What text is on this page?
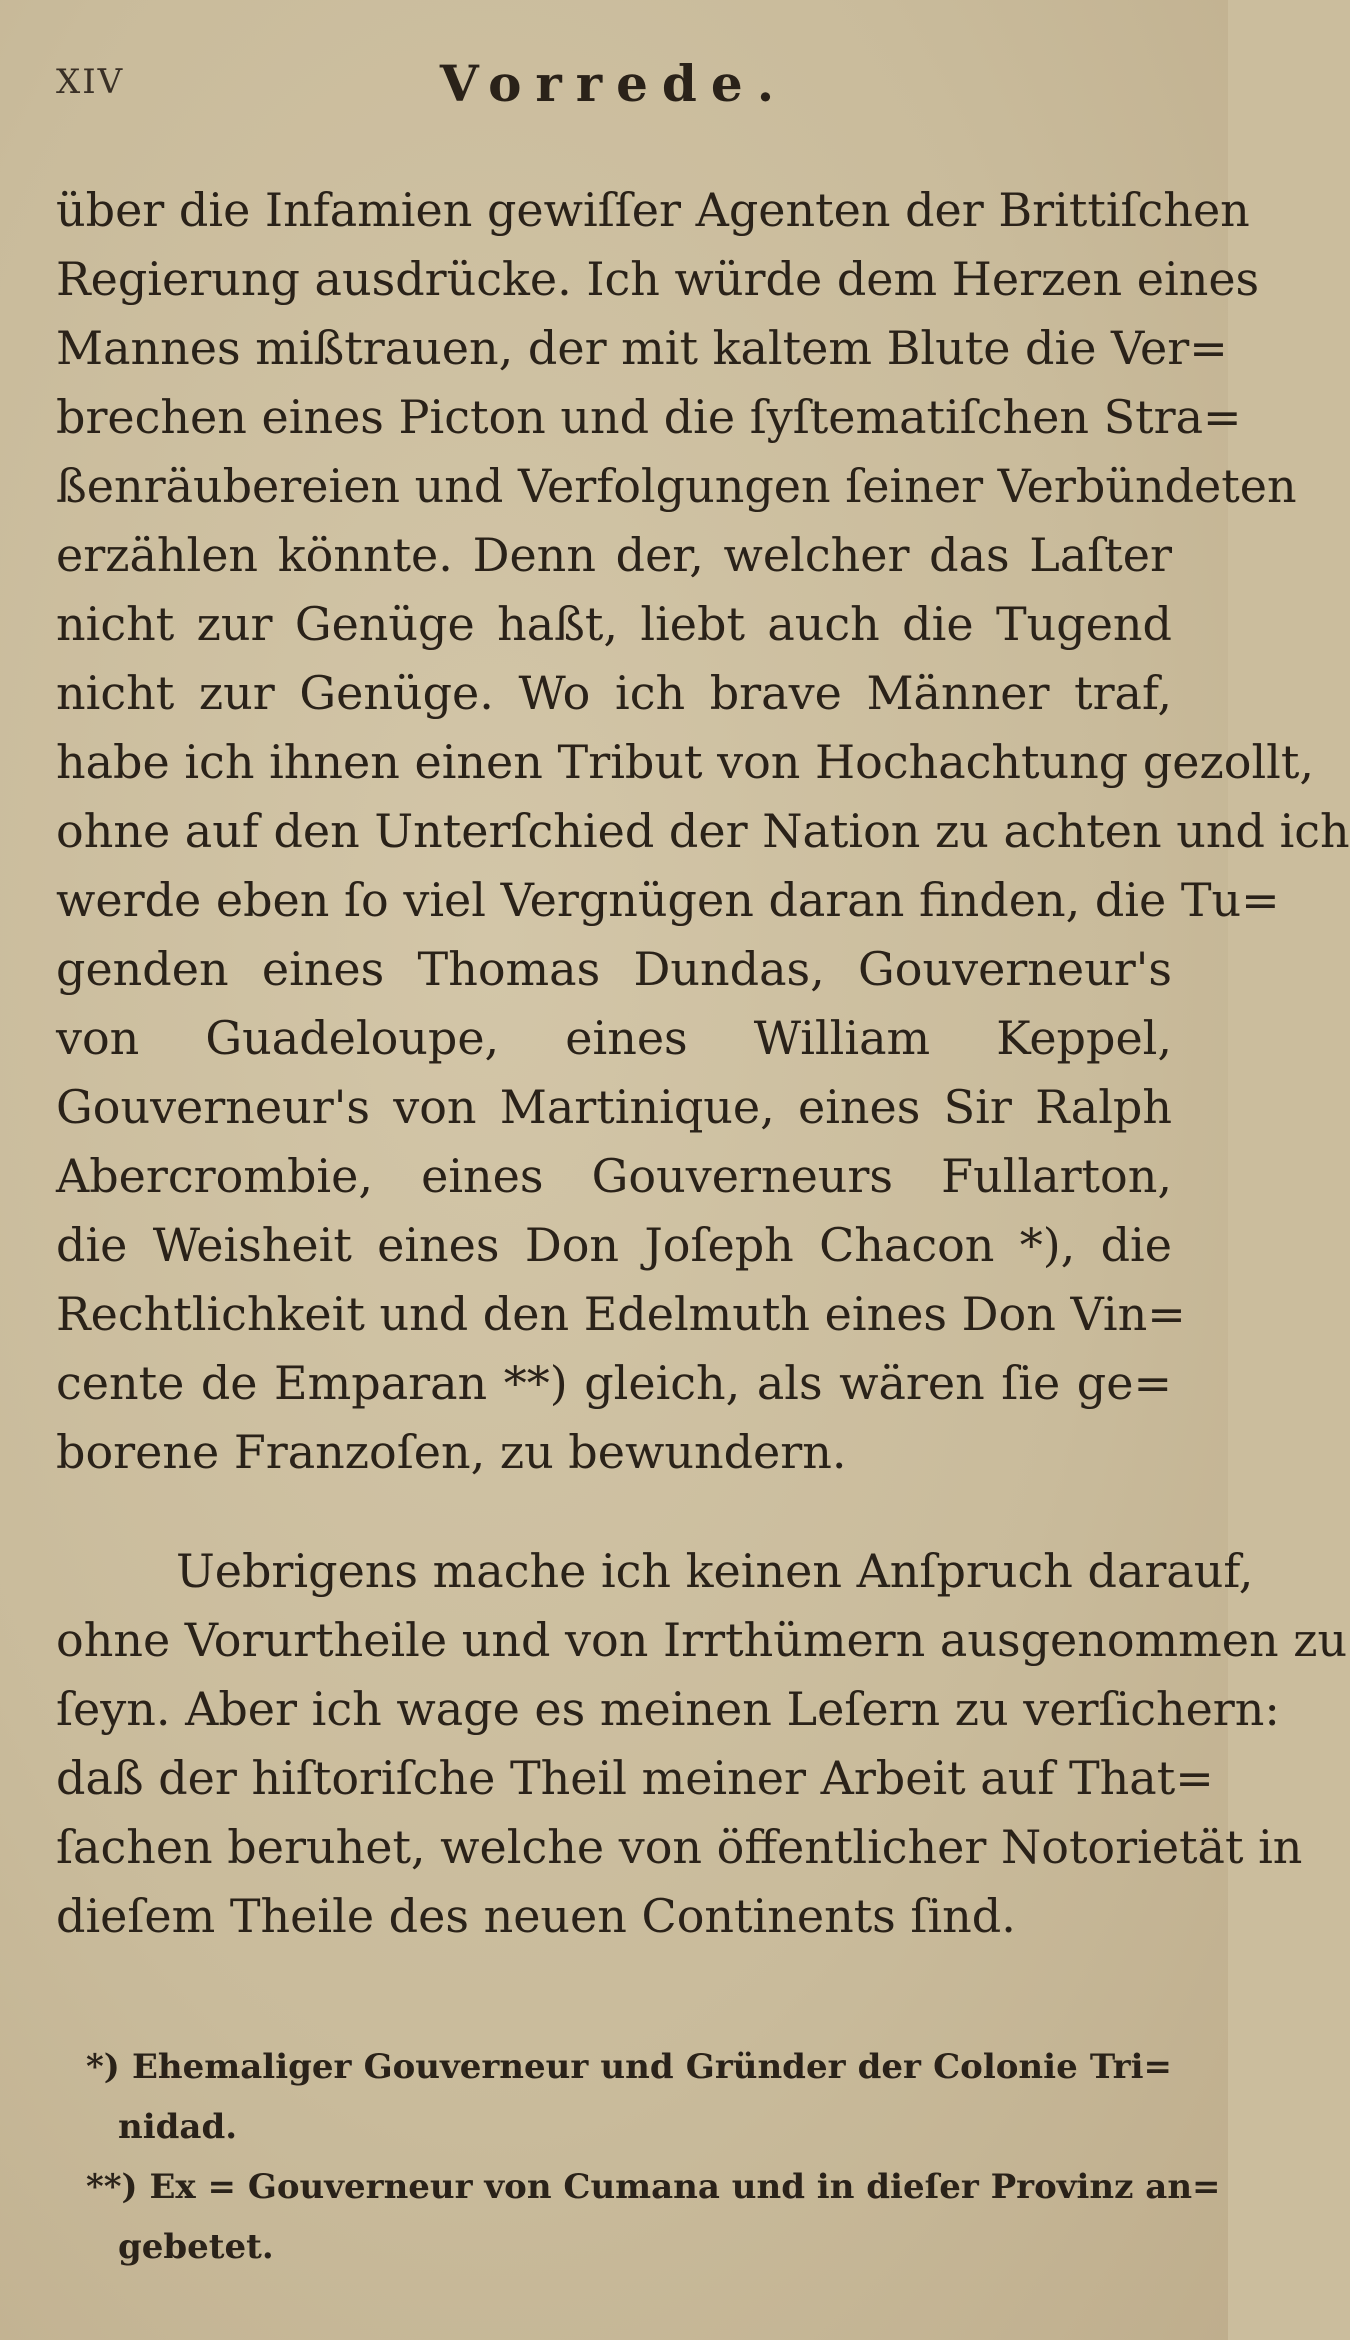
XIV	Vorrede.
über die Infamien gewiſſer Agenten der Brittiſchen
Regierung ausdrücke. Ich würde dem Herzen eines
Mannes mißtrauen, der mit kaltem Blute die Ver=
brechen eines Picton und die ſyſtematiſchen Stra=
ßenräubereien und Verfolgungen ſeiner Verbündeten
erzählen könnte. Denn der, welcher das Laſter
nicht zur Genüge haßt, liebt auch die Tugend
nicht zur Genüge. Wo ich brave Männer traf,
habe ich ihnen einen Tribut von Hochachtung gezollt,
ohne auf den Unterſchied der Nation zu achten und ich
werde eben ſo viel Vergnügen daran finden, die Tu=
genden eines Thomas Dundas, Gouverneur's
von Guadeloupe, eines William Keppel,
Gouverneur's von Martinique, eines Sir Ralph
Abercrombie, eines Gouverneurs Fullarton,
die Weisheit eines Don Joſeph Chacon *), die
Rechtlichkeit und den Edelmuth eines Don Vin=
cente de Emparan **) gleich, als wären ſie ge=
borene Franzoſen, zu bewundern.
Uebrigens mache ich keinen Anſpruch darauf,
ohne Vorurtheile und von Irrthümern ausgenommen zu
ſeyn. Aber ich wage es meinen Leſern zu verſichern:
daß der hiſtoriſche Theil meiner Arbeit auf That=
ſachen beruhet, welche von öffentlicher Notorietät in
dieſem Theile des neuen Continents ſind.
*) Ehemaliger Gouverneur und Gründer der Colonie Tri=
nidad.
**) Ex = Gouverneur von Cumana und in dieſer Provinz an=
gebetet.
